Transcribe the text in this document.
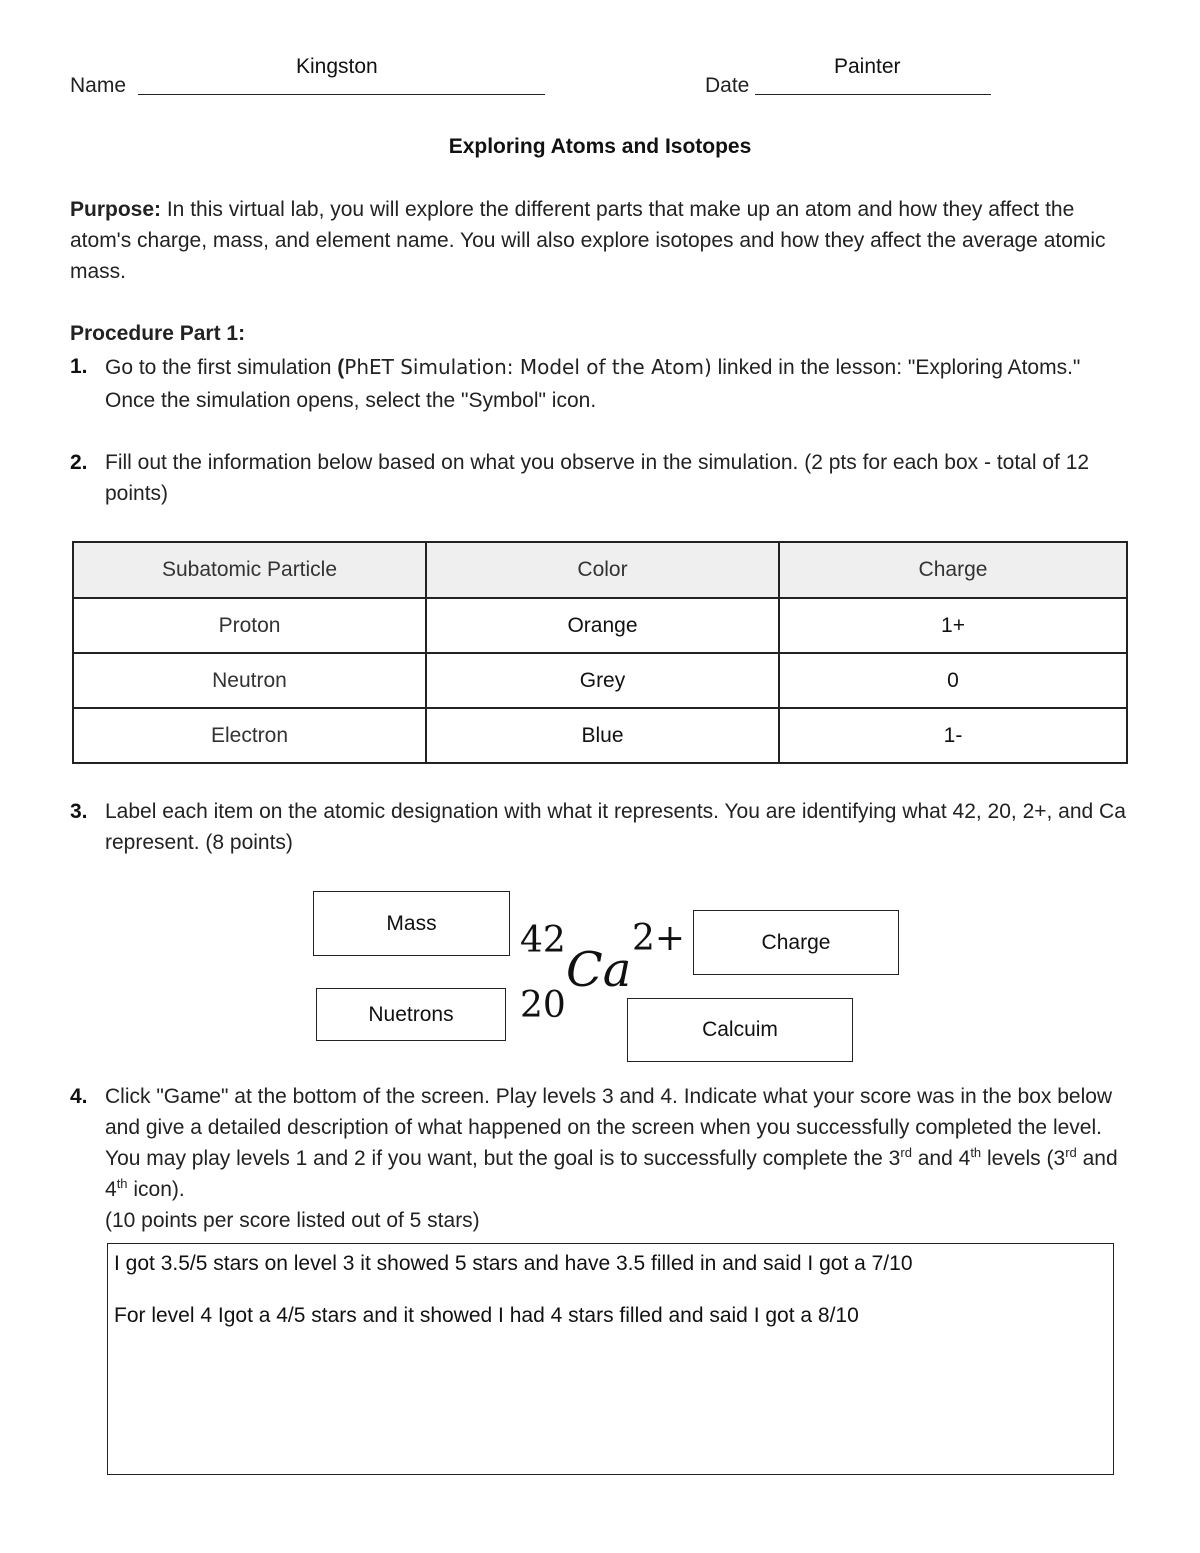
Name
Kingston
Date
Painter
Exploring Atoms and Isotopes
Purpose: In this virtual lab, you will explore the different parts that make up an atom and how they affect the atom's charge, mass, and element name. You will also explore isotopes and how they affect the average atomic mass.
Procedure Part 1:
1. Go to the first simulation (PhET Simulation: Model of the Atom) linked in the lesson: "Exploring Atoms." Once the simulation opens, select the "Symbol" icon.
2. Fill out the information below based on what you observe in the simulation. (2 pts for each box - total of 12 points)
Subatomic Particle	Color	Charge
Proton	Orange	1+
Neutron	Grey	0
Electron	Blue	1-
3. Label each item on the atomic designation with what it represents. You are identifying what 42, 20, 2+, and Ca represent. (8 points)
Mass
Nuetrons
Charge
Calcuim
42
20
Ca
2+
4. Click "Game" at the bottom of the screen. Play levels 3 and 4. Indicate what your score was in the box below and give a detailed description of what happened on the screen when you successfully completed the level. You may play levels 1 and 2 if you want, but the goal is to successfully complete the 3rd and 4th levels (3rd and 4th icon).
(10 points per score listed out of 5 stars)

I got 3.5/5 stars on level 3 it showed 5 stars and have 3.5 filled in and said I got a 7/10

For level 4 Igot a 4/5 stars and it showed I had 4 stars filled and said I got a 8/10
